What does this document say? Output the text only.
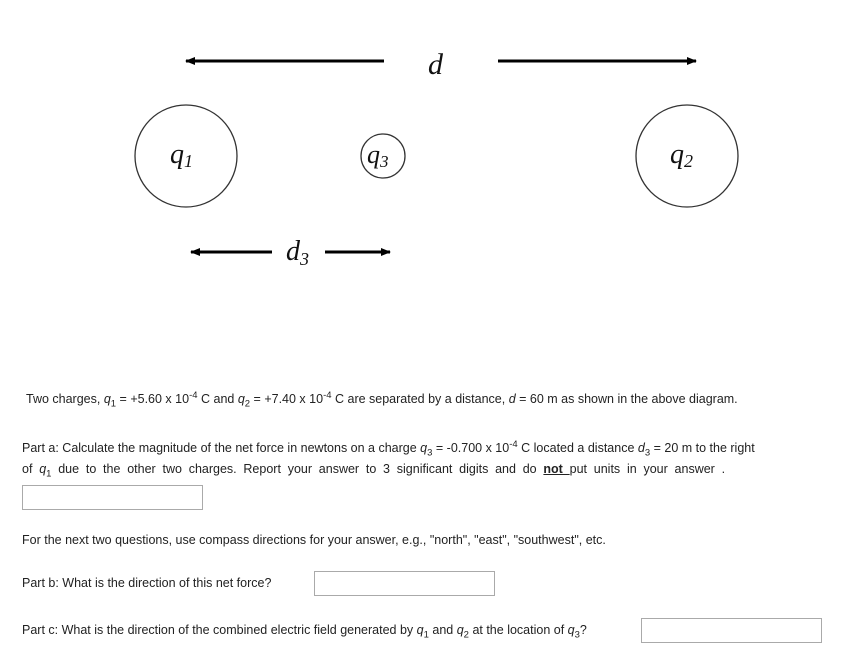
d
q1	q3	q2
d3
Two charges, $q_1 = +5.60$ x $10^{-4}$ C and $q_2 = +7.40$ x $10^{-4}$ C are separated by a distance, d = 60 m as shown in the above diagram.
Part a: Calculate the magnitude of the net force in newtons on a charge $q_3 = -0.700$ x $10^{-4}$ C located a distance $d_3 = 20$ m to the right
of $q_1$ due to the other two charges. Report your answer to 3 significant digits and do not put units in your answer .
For the next two questions, use compass directions for your answer, e.g., "north", "east", "southwest", etc.
Part b: What is the direction of this net force?
Part c: What is the direction of the combined electric field generated by $q_1$ and $q_2$ at the location of $q_3$?
